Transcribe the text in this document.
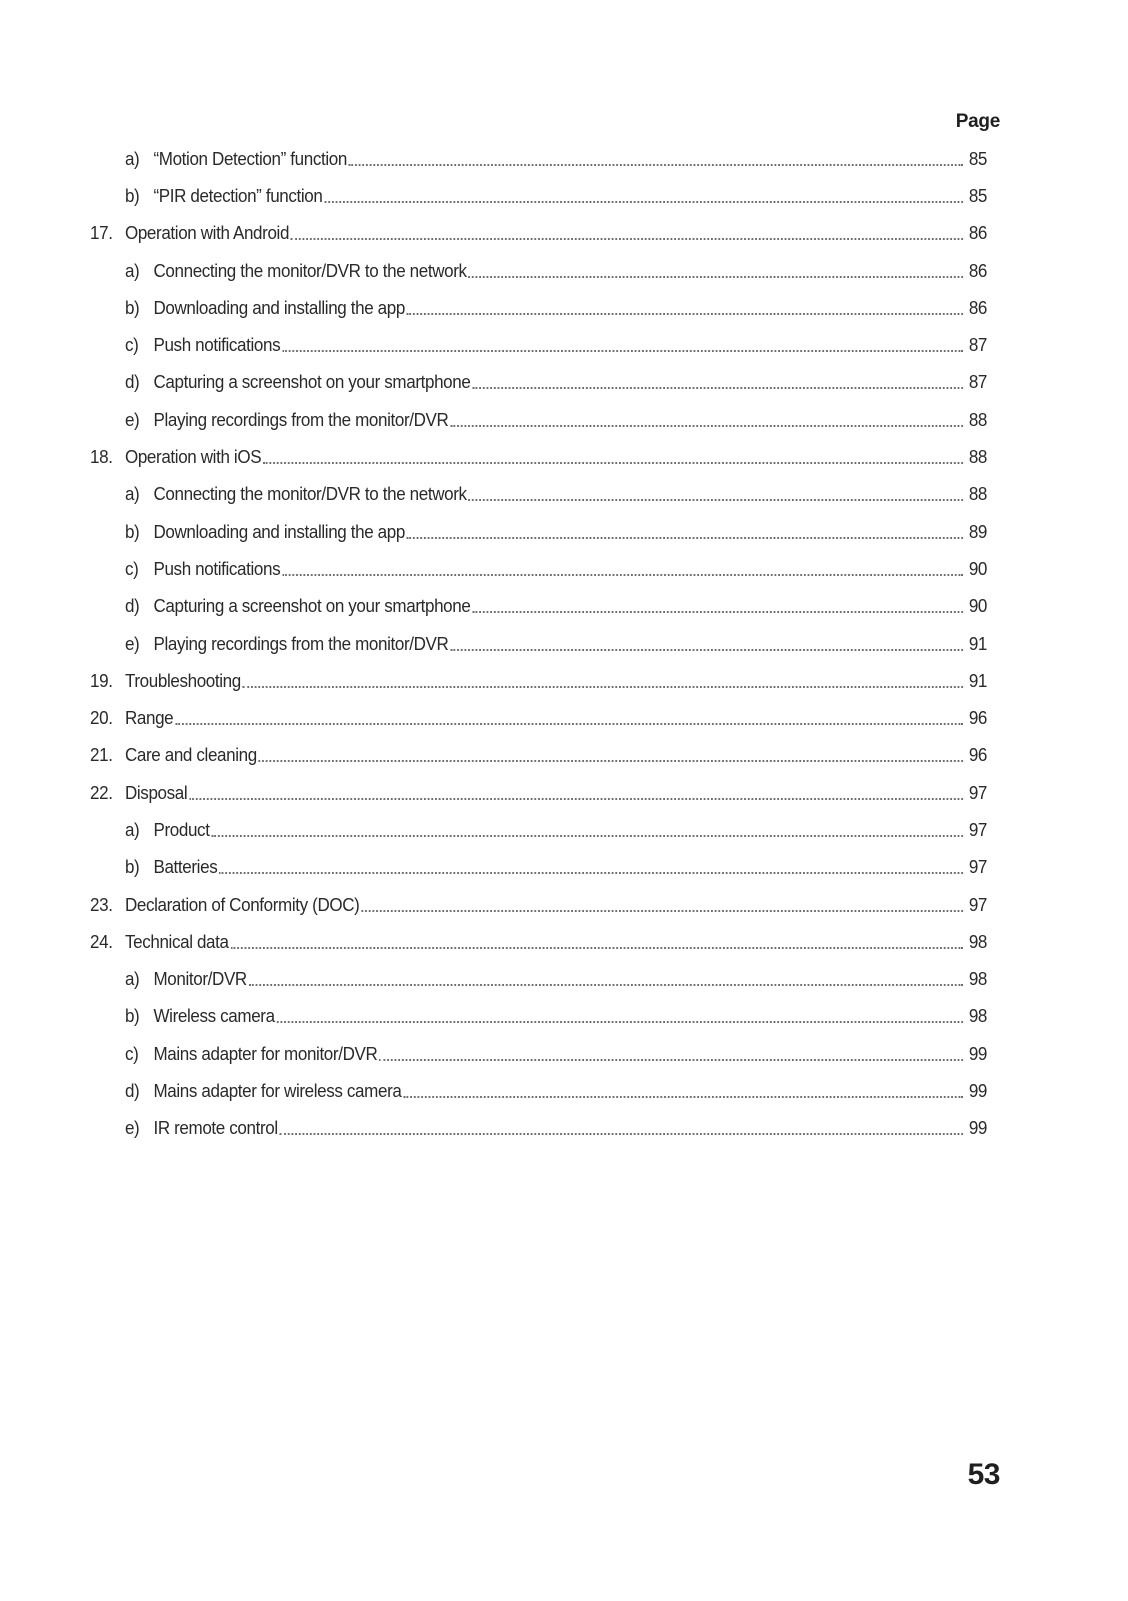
Page
a) “Motion Detection” function	85
b) “PIR detection” function	85
17. Operation with Android	86
a) Connecting the monitor/DVR to the network	86
b) Downloading and installing the app	86
c) Push notifications	87
d) Capturing a screenshot on your smartphone	87
e) Playing recordings from the monitor/DVR	88
18. Operation with iOS	88
a) Connecting the monitor/DVR to the network	88
b) Downloading and installing the app	89
c) Push notifications	90
d) Capturing a screenshot on your smartphone	90
e) Playing recordings from the monitor/DVR	91
19. Troubleshooting	91
20. Range	96
21. Care and cleaning	96
22. Disposal	97
a) Product	97
b) Batteries	97
23. Declaration of Conformity (DOC)	97
24. Technical data	98
a) Monitor/DVR	98
b) Wireless camera	98
c) Mains adapter for monitor/DVR	99
d) Mains adapter for wireless camera	99
e) IR remote control	99
53
